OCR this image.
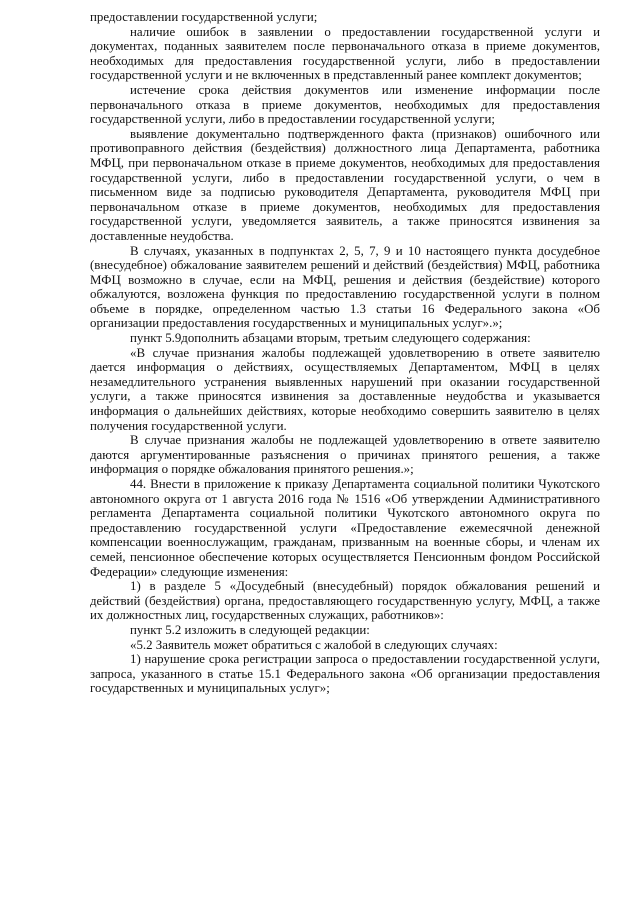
предоставлении государственной услуги;

наличие ошибок в заявлении о предоставлении государственной услуги и документах, поданных заявителем после первоначального отказа в приеме документов, необходимых для предоставления государственной услуги, либо в предоставлении государственной услуги и не включенных в представленный ранее комплект документов;

истечение срока действия документов или изменение информации после первоначального отказа в приеме документов, необходимых для предоставления государственной услуги, либо в предоставлении государственной услуги;

выявление документально подтвержденного факта (признаков) ошибочного или противоправного действия (бездействия) должностного лица Департамента, работника МФЦ, при первоначальном отказе в приеме документов, необходимых для предоставления государственной услуги, либо в предоставлении государственной услуги, о чем в письменном виде за подписью руководителя Департамента, руководителя МФЦ при первоначальном отказе в приеме документов, необходимых для предоставления государственной услуги, уведомляется заявитель, а также приносятся извинения за доставленные неудобства.

В случаях, указанных в подпунктах 2, 5, 7, 9 и 10 настоящего пункта досудебное (внесудебное) обжалование заявителем решений и действий (бездействия) МФЦ, работника МФЦ возможно в случае, если на МФЦ, решения и действия (бездействие) которого обжалуются, возложена функция по предоставлению государственной услуги в полном объеме в порядке, определенном частью 1.3 статьи 16 Федерального закона «Об организации предоставления государственных и муниципальных услуг».»;

пункт 5.9дополнить абзацами вторым, третьим следующего содержания:

«В случае признания жалобы подлежащей удовлетворению в ответе заявителю дается информация о действиях, осуществляемых Департаментом, МФЦ в целях незамедлительного устранения выявленных нарушений при оказании государственной услуги, а также приносятся извинения за доставленные неудобства и указывается информация о дальнейших действиях, которые необходимо совершить заявителю в целях получения государственной услуги.

В случае признания жалобы не подлежащей удовлетворению в ответе заявителю даются аргументированные разъяснения о причинах принятого решения, а также информация о порядке обжалования принятого решения.»;

44. Внести в приложение к приказу Департамента социальной политики Чукотского автономного округа от 1 августа 2016 года № 1516 «Об утверждении Административного регламента Департамента социальной политики Чукотского автономного округа по предоставлению государственной услуги «Предоставление ежемесячной денежной компенсации военнослужащим, гражданам, призванным на военные сборы, и членам их семей, пенсионное обеспечение которых осуществляется Пенсионным фондом Российской Федерации» следующие изменения:

1) в разделе 5 «Досудебный (внесудебный) порядок обжалования решений и действий (бездействия) органа, предоставляющего государственную услугу, МФЦ, а также их должностных лиц, государственных служащих, работников»:

пункт 5.2 изложить в следующей редакции:

«5.2 Заявитель может обратиться с жалобой в следующих случаях:

1) нарушение срока регистрации запроса о предоставлении государственной услуги, запроса, указанного в статье 15.1 Федерального закона «Об организации предоставления государственных и муниципальных услуг»;
